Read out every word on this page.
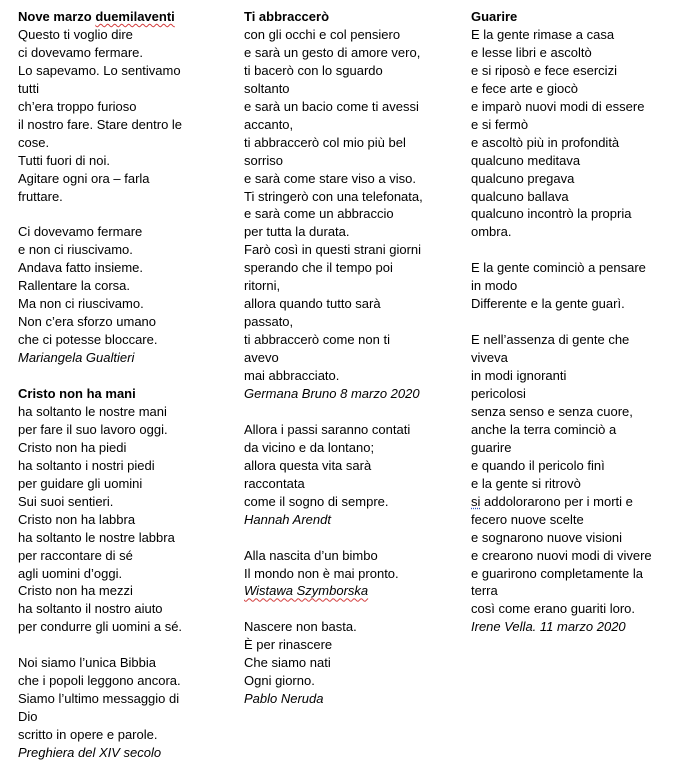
Nove marzo duemilaventi
Questo ti voglio dire
ci dovevamo fermare.
Lo sapevamo. Lo sentivamo
tutti
ch’era troppo furioso
il nostro fare. Stare dentro le
cose.
Tutti fuori di noi.
Agitare ogni ora – farla
fruttare.
Ci dovevamo fermare
e non ci riuscivamo.
Andava fatto insieme.
Rallentare la corsa.
Ma non ci riuscivamo.
Non c’era sforzo umano
che ci potesse bloccare.
Mariangela Gualtieri
Cristo non ha mani
ha soltanto le nostre mani
per fare il suo lavoro oggi.
Cristo non ha piedi
ha soltanto i nostri piedi
per guidare gli uomini
Sui suoi sentieri.
Cristo non ha labbra
ha soltanto le nostre labbra
per raccontare di sé
agli uomini d’oggi.
Cristo non ha mezzi
ha soltanto il nostro aiuto
per condurre gli uomini a sé.
Noi siamo l’unica Bibbia
che i popoli leggono ancora.
Siamo l’ultimo messaggio di
Dio
scritto in opere e parole.
Preghiera del XIV secolo
Ti abbraccerò
con gli occhi e col pensiero
e sarà un gesto di amore vero,
ti bacerò con lo sguardo
soltanto
e sarà un bacio come ti avessi
accanto,
ti abbraccerò col mio più bel
sorriso
e sarà come stare viso a viso.
Ti stringerò con una telefonata,
e sarà come un abbraccio
per tutta la durata.
Farò così in questi strani giorni
sperando che il tempo poi
ritorni,
allora quando tutto sarà
passato,
ti abbraccerò come non ti
avevo
mai abbracciato.
Germana Bruno 8 marzo 2020
Allora i passi saranno contati
da vicino e da lontano;
allora questa vita sarà
raccontata
come il sogno di sempre.
Hannah Arendt
Alla nascita d’un bimbo
Il mondo non è mai pronto.
Wistawa Szymborska
Nascere non basta.
È per rinascere
Che siamo nati
Ogni giorno.
Pablo Neruda
Guarire
E la gente rimase a casa
e lesse libri e ascoltò
e si riposò e fece esercizi
e fece arte e giocò
e imparò nuovi modi di essere
e si fermò
e ascoltò più in profondità
qualcuno meditava
qualcuno pregava
qualcuno ballava
qualcuno incontrò la propria
ombra.
E la gente cominciò a pensare
in modo
Differente e la gente guarì.
E nell’assenza di gente che
viveva
in modi ignoranti
pericolosi
senza senso e senza cuore,
anche la terra cominciò a
guarire
e quando il pericolo finì
e la gente si ritrovò
si addolorarono per i morti e
fecero nuove scelte
e sognarono nuove visioni
e crearono nuovi modi di vivere
e guarirono completamente la
terra
così come erano guariti loro.
Irene Vella. 11 marzo 2020
